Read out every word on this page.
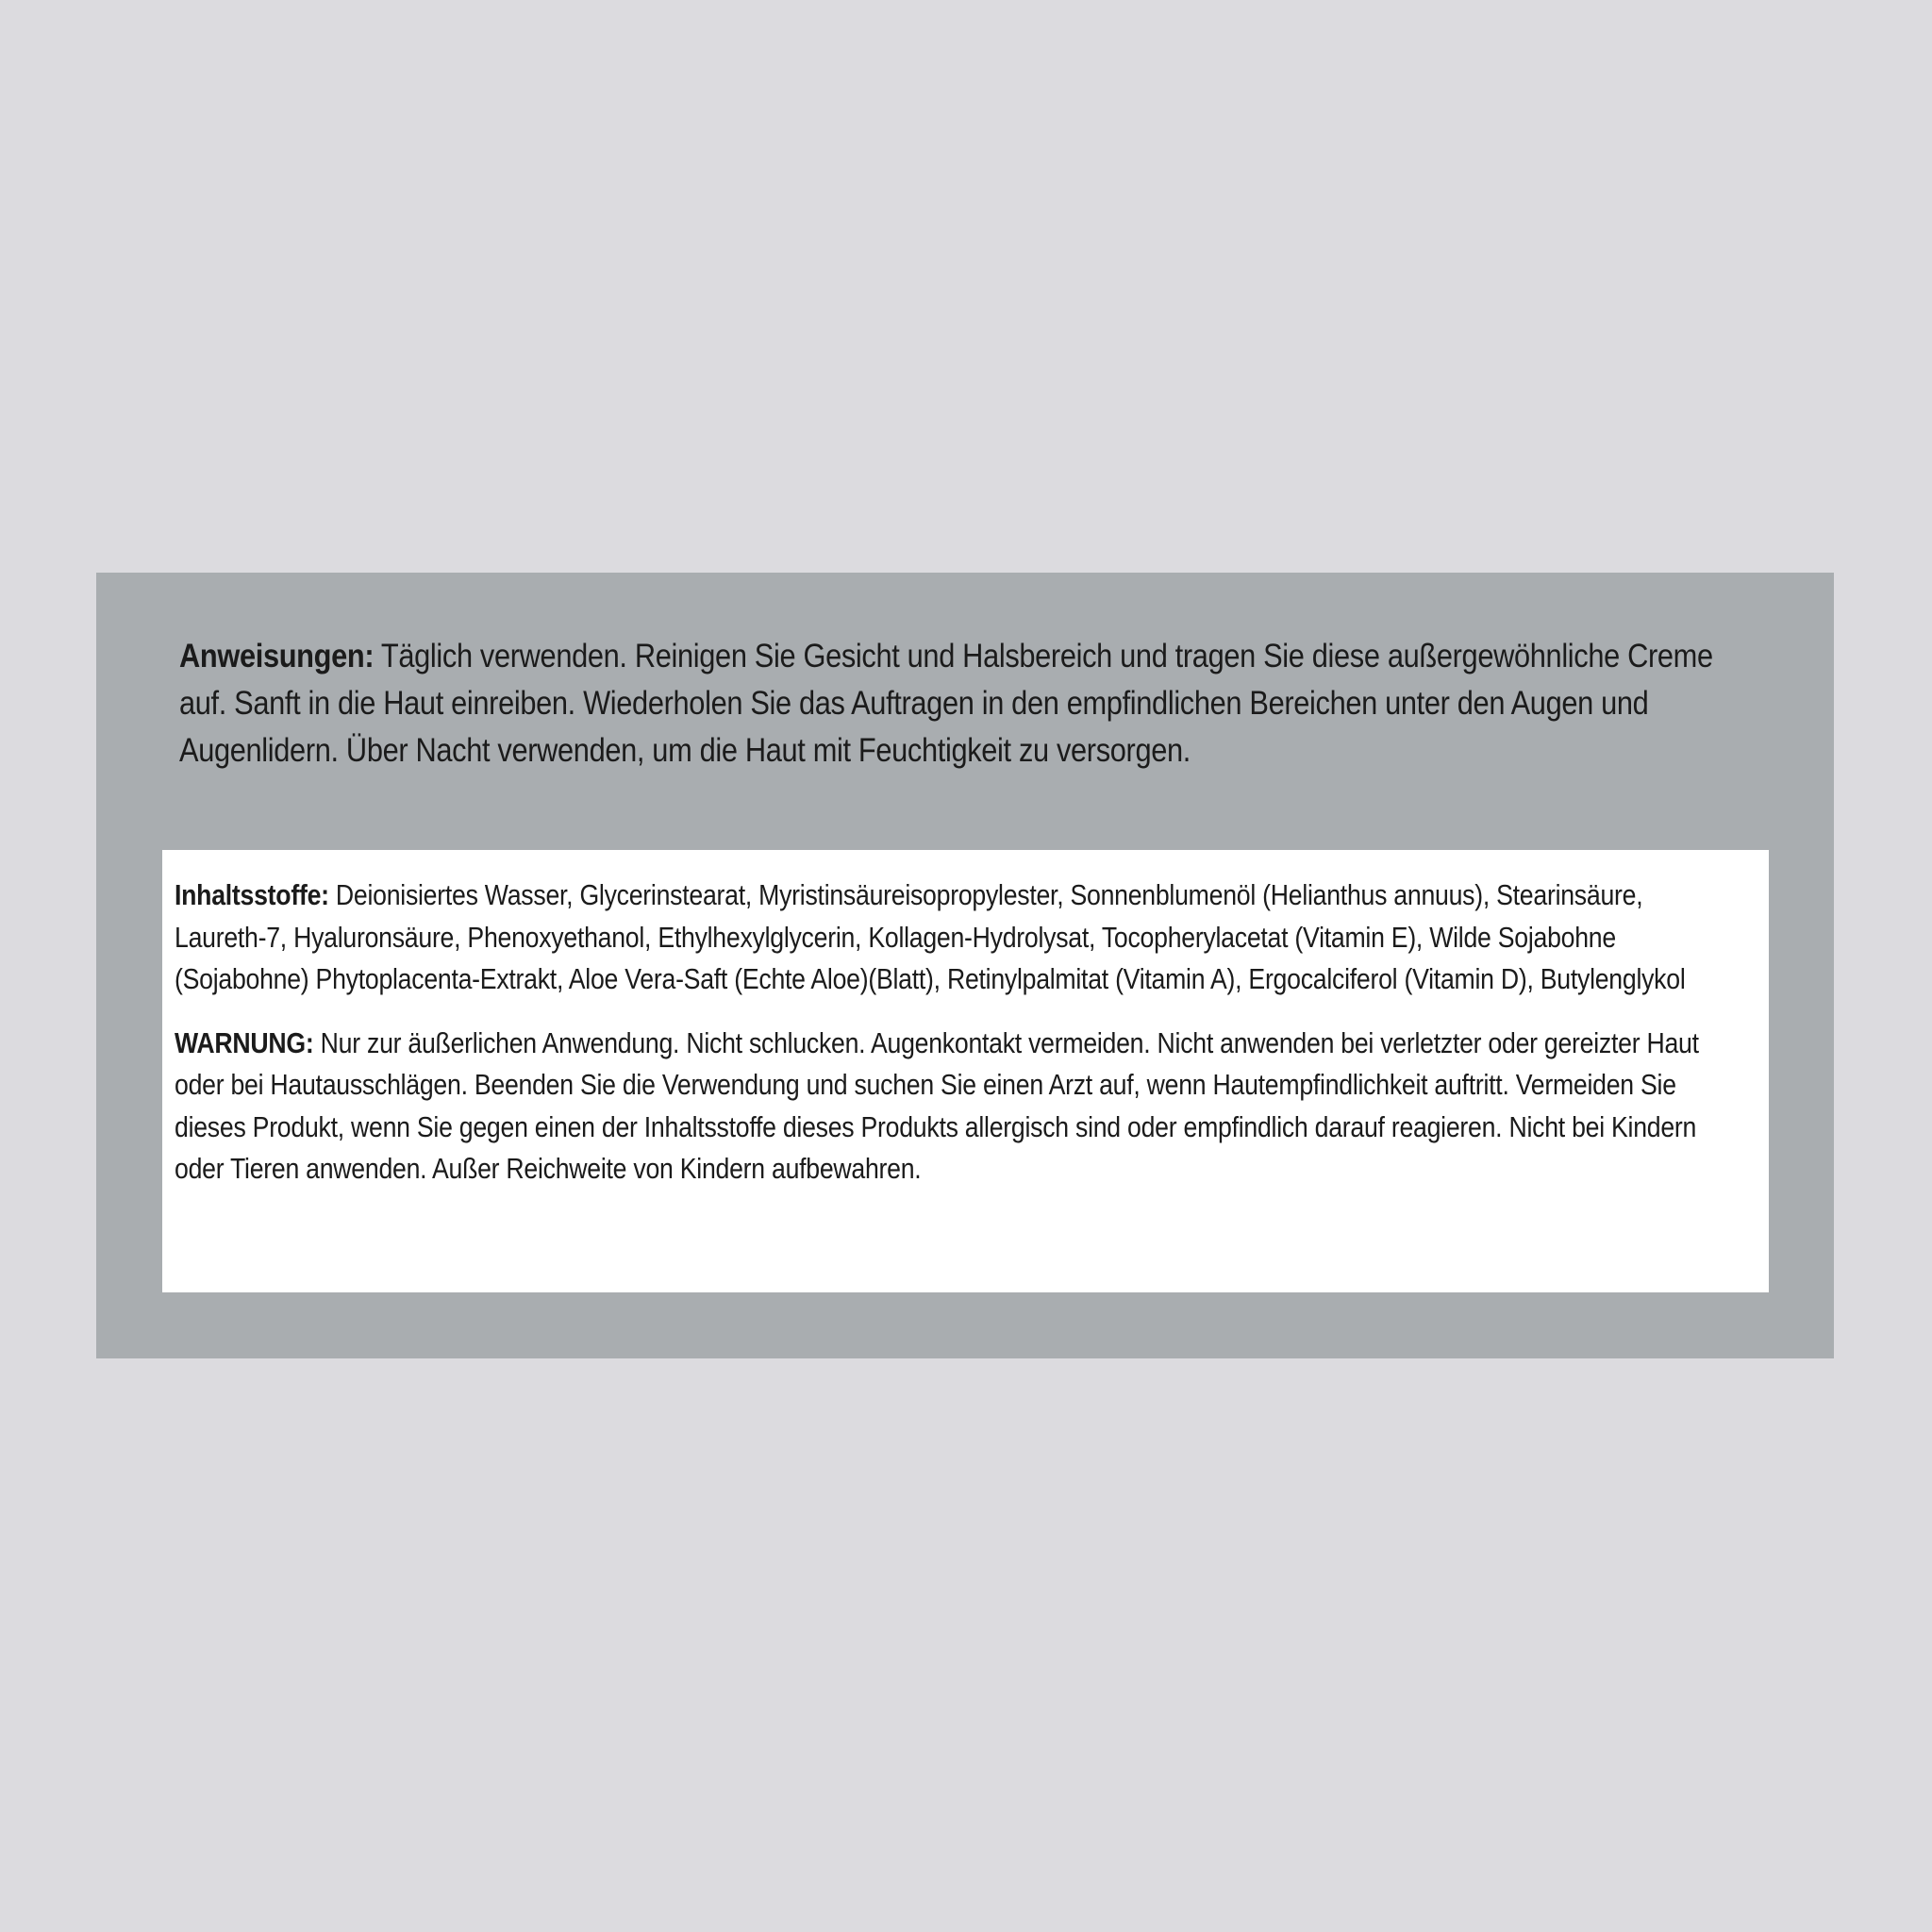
Anweisungen: Täglich verwenden. Reinigen Sie Gesicht und Halsbereich und tragen Sie diese außergewöhnliche Creme auf. Sanft in die Haut einreiben. Wiederholen Sie das Auftragen in den empfindlichen Bereichen unter den Augen und Augenlidern. Über Nacht verwenden, um die Haut mit Feuchtigkeit zu versorgen.

Inhaltsstoffe: Deionisiertes Wasser, Glycerinstearat, Myristinsäureisopropylester, Sonnenblumenöl (Helianthus annuus), Stearinsäure, Laureth-7, Hyaluronsäure, Phenoxyethanol, Ethylhexylglycerin, Kollagen-Hydrolysat, Tocopherylacetat (Vitamin E), Wilde Sojabohne (Sojabohne) Phytoplacenta-Extrakt, Aloe Vera-Saft (Echte Aloe)(Blatt), Retinylpalmitat (Vitamin A), Ergocalciferol (Vitamin D), Butylenglykol

WARNUNG: Nur zur äußerlichen Anwendung. Nicht schlucken. Augenkontakt vermeiden. Nicht anwenden bei verletzter oder gereizter Haut oder bei Hautausschlägen. Beenden Sie die Verwendung und suchen Sie einen Arzt auf, wenn Hautempfindlichkeit auftritt. Vermeiden Sie dieses Produkt, wenn Sie gegen einen der Inhaltsstoffe dieses Produkts allergisch sind oder empfindlich darauf reagieren. Nicht bei Kindern oder Tieren anwenden. Außer Reichweite von Kindern aufbewahren.
